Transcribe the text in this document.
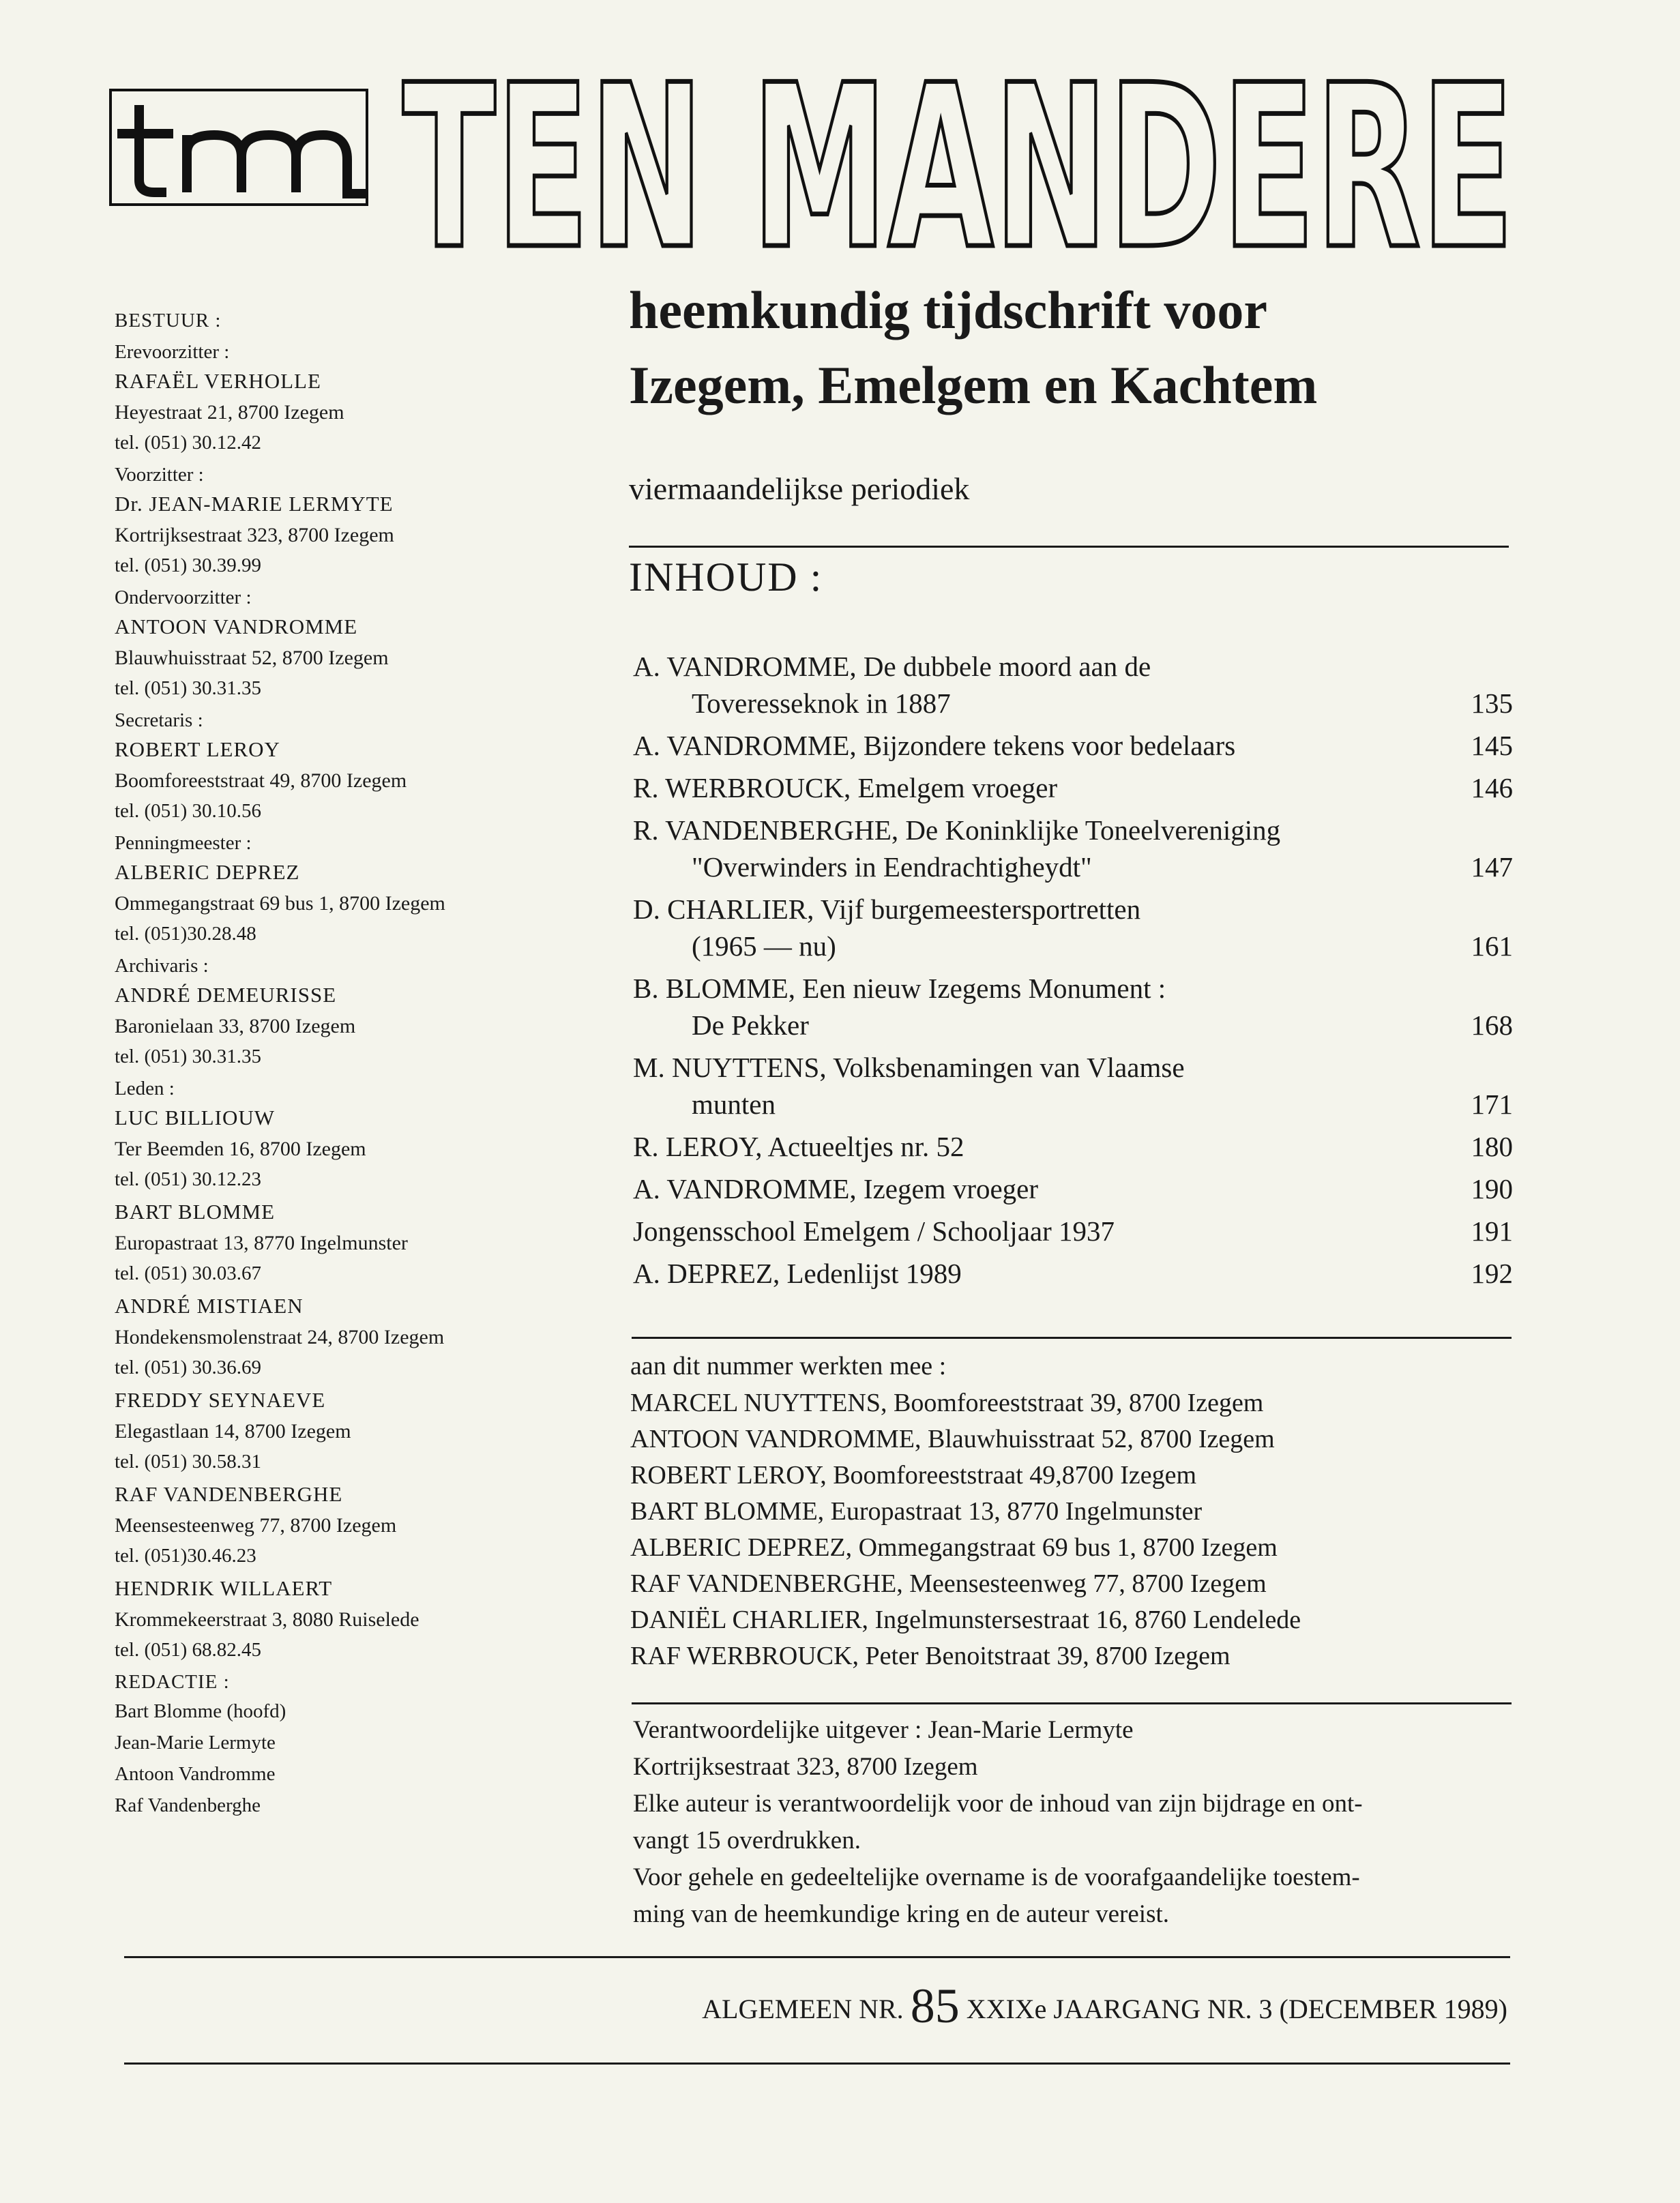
TEN MANDERE
BESTUUR :
Erevoorzitter :
RAFAËL VERHOLLE
Heyestraat 21, 8700 Izegem
tel. (051) 30.12.42
Voorzitter :
Dr. JEAN-MARIE LERMYTE
Kortrijksestraat 323, 8700 Izegem
tel. (051) 30.39.99
Ondervoorzitter :
ANTOON VANDROMME
Blauwhuisstraat 52, 8700 Izegem
tel. (051) 30.31.35
Secretaris :
ROBERT LEROY
Boomforeeststraat 49, 8700 Izegem
tel. (051) 30.10.56
Penningmeester :
ALBERIC DEPREZ
Ommegangstraat 69 bus 1, 8700 Izegem
tel. (051)30.28.48
Archivaris :
ANDRÉ DEMEURISSE
Baronielaan 33, 8700 Izegem
tel. (051) 30.31.35
Leden :
LUC BILLIOUW
Ter Beemden 16, 8700 Izegem
tel. (051) 30.12.23
BART BLOMME
Europastraat 13, 8770 Ingelmunster
tel. (051) 30.03.67
ANDRÉ MISTIAEN
Hondekensmolenstraat 24, 8700 Izegem
tel. (051) 30.36.69
FREDDY SEYNAEVE
Elegastlaan 14, 8700 Izegem
tel. (051) 30.58.31
RAF VANDENBERGHE
Meensesteenweg 77, 8700 Izegem
tel. (051)30.46.23
HENDRIK WILLAERT
Krommekeerstraat 3, 8080 Ruiselede
tel. (051) 68.82.45
REDACTIE :
Bart Blomme (hoofd)
Jean-Marie Lermyte
Antoon Vandromme
Raf Vandenberghe
heemkundig tijdschrift voor
Izegem, Emelgem en Kachtem
viermaandelijkse periodiek
INHOUD :
A. VANDROMME, De dubbele moord aan de
Toveresseknok in 1887	135
A. VANDROMME, Bijzondere tekens voor bedelaars	145
R. WERBROUCK, Emelgem vroeger	146
R. VANDENBERGHE, De Koninklijke Toneelvereniging
"Overwinders in Eendrachtigheydt"	147
D. CHARLIER, Vijf burgemeestersportretten
(1965 — nu)	161
B. BLOMME, Een nieuw Izegems Monument :
De Pekker	168
M. NUYTTENS, Volksbenamingen van Vlaamse
munten	171
R. LEROY, Actueeltjes nr. 52	180
A. VANDROMME, Izegem vroeger	190
Jongensschool Emelgem / Schooljaar 1937	191
A. DEPREZ, Ledenlijst 1989	192
aan dit nummer werkten mee :
MARCEL NUYTTENS, Boomforeeststraat 39, 8700 Izegem
ANTOON VANDROMME, Blauwhuisstraat 52, 8700 Izegem
ROBERT LEROY, Boomforeeststraat 49,8700 Izegem
BART BLOMME, Europastraat 13, 8770 Ingelmunster
ALBERIC DEPREZ, Ommegangstraat 69 bus 1, 8700 Izegem
RAF VANDENBERGHE, Meensesteenweg 77, 8700 Izegem
DANIËL CHARLIER, Ingelmunstersestraat 16, 8760 Lendelede
RAF WERBROUCK, Peter Benoitstraat 39, 8700 Izegem
Verantwoordelijke uitgever : Jean-Marie Lermyte
Kortrijksestraat 323, 8700 Izegem
Elke auteur is verantwoordelijk voor de inhoud van zijn bijdrage en ont-
vangt 15 overdrukken.
Voor gehele en gedeeltelijke overname is de voorafgaandelijke toestem-
ming van de heemkundige kring en de auteur vereist.
ALGEMEEN NR. 85 XXIXe JAARGANG NR. 3 (DECEMBER 1989)
